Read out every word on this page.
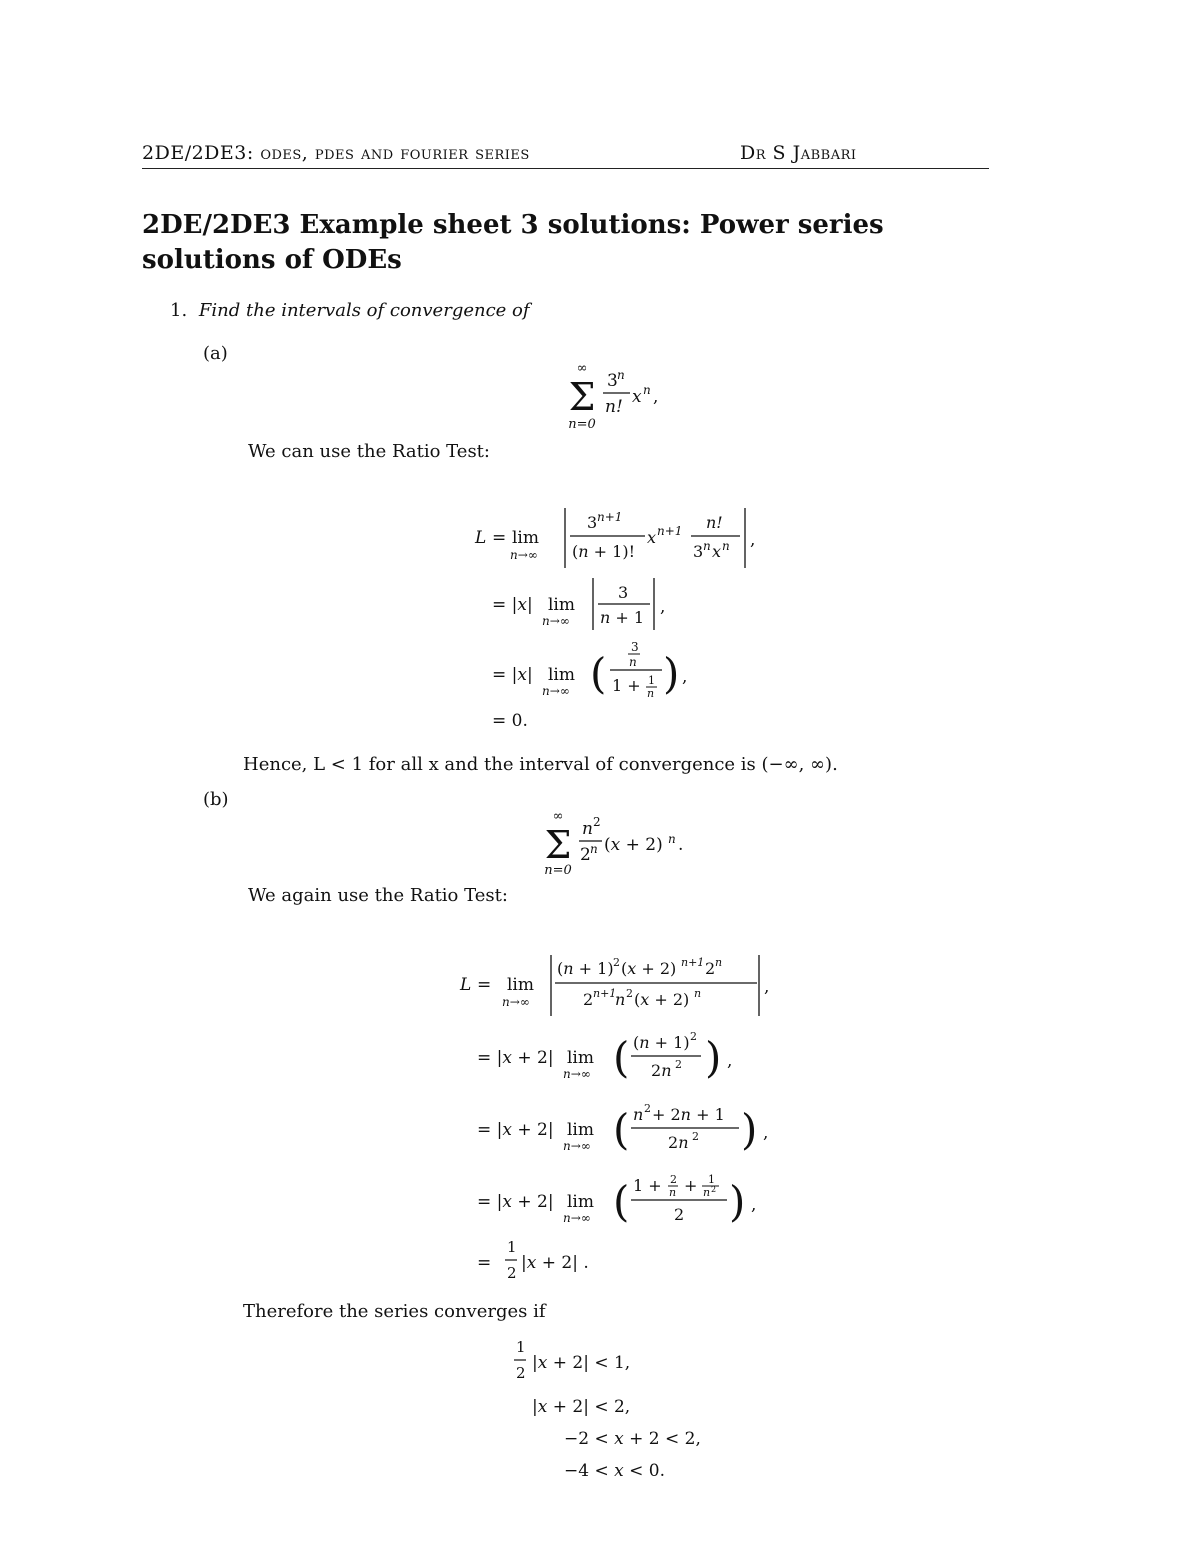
2DE/2DE3: odes, pdes and fourier series	Dr S Jabbari
2DE/2DE3 Example sheet 3 solutions: Power series solutions of ODEs
1. Find the intervals of convergence of
(a)
∞
Σ
n=0
3 n
n! x n ,
We can use the Ratio Test:
L = lim
n→∞
3 n+1
(n + 1)!
x n+1 n!
3 n x n ,
= |x| lim
n→∞
3
n + 1
,
= |x| lim
n→∞ (
3
n
1 + 1
n ) ,
= 0.
Hence, L < 1 for all x and the interval of convergence is (−∞, ∞).
(b)
∞
Σ
n=0
n 2
2 n (x + 2) n .
We again use the Ratio Test:
L = lim
n→∞
(n + 1) 2 (x + 2) n+1 2 n
2 n+1
n 2 (x + 2) n	,
= |x + 2| lim
n→∞ ( (n + 1) 2
2n 2 ) ,
= |x + 2| lim
n→∞ ( n 2 + 2n + 1
2n 2 ) ,
= |x + 2| lim
n→∞ ( 1 + 2
n + 1
n 2
2 ) ,
=
1
2 |x + 2| .
Therefore the series converges if
1
2 |x + 2| < 1,
|x + 2| < 2,
−2 < x + 2 < 2,
−4 < x < 0.
